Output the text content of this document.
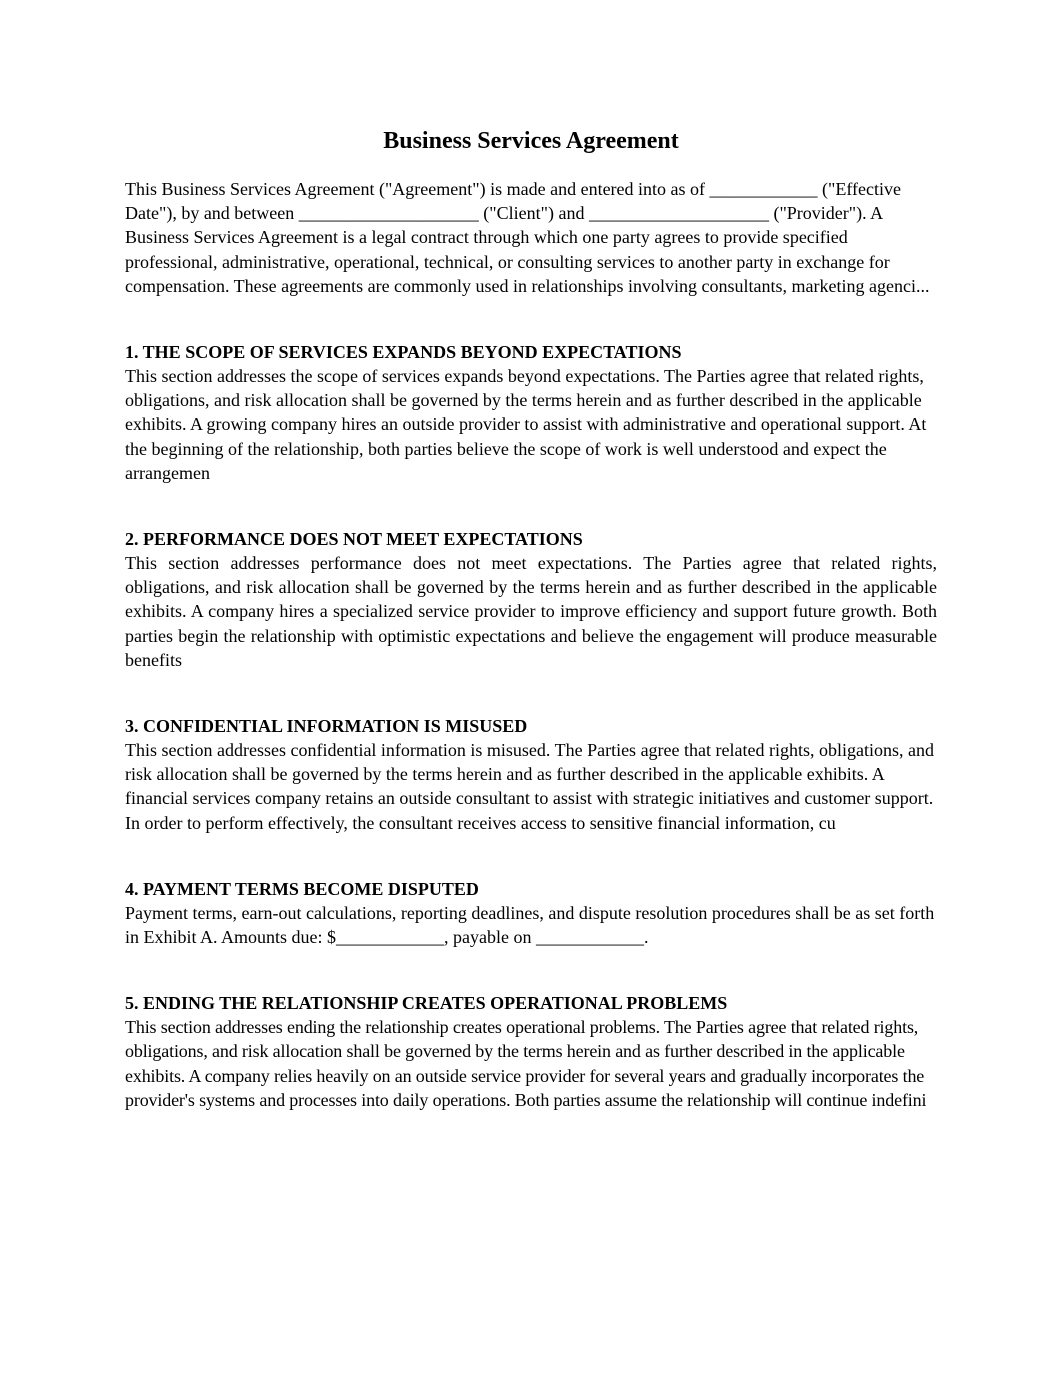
Business Services Agreement

This Business Services Agreement ("Agreement") is made and entered into as of ____________ ("Effective Date"), by and between ____________________ ("Client") and ____________________ ("Provider"). A Business Services Agreement is a legal contract through which one party agrees to provide specified professional, administrative, operational, technical, or consulting services to another party in exchange for compensation. These agreements are commonly used in relationships involving consultants, marketing agenci...

1. THE SCOPE OF SERVICES EXPANDS BEYOND EXPECTATIONS

This section addresses the scope of services expands beyond expectations. The Parties agree that related rights, obligations, and risk allocation shall be governed by the terms herein and as further described in the applicable exhibits. A growing company hires an outside provider to assist with administrative and operational support. At the beginning of the relationship, both parties believe the scope of work is well understood and expect the arrangemen

2. PERFORMANCE DOES NOT MEET EXPECTATIONS

This section addresses performance does not meet expectations. The Parties agree that related rights, obligations, and risk allocation shall be governed by the terms herein and as further described in the applicable exhibits. A company hires a specialized service provider to improve efficiency and support future growth. Both parties begin the relationship with optimistic expectations and believe the engagement will produce measurable benefits

3. CONFIDENTIAL INFORMATION IS MISUSED

This section addresses confidential information is misused. The Parties agree that related rights, obligations, and risk allocation shall be governed by the terms herein and as further described in the applicable exhibits. A financial services company retains an outside consultant to assist with strategic initiatives and customer support. In order to perform effectively, the consultant receives access to sensitive financial information, cu

4. PAYMENT TERMS BECOME DISPUTED

Payment terms, earn-out calculations, reporting deadlines, and dispute resolution procedures shall be as set forth in Exhibit A. Amounts due: $____________, payable on ____________.

5. ENDING THE RELATIONSHIP CREATES OPERATIONAL PROBLEMS

This section addresses ending the relationship creates operational problems. The Parties agree that related rights, obligations, and risk allocation shall be governed by the terms herein and as further described in the applicable exhibits. A company relies heavily on an outside service provider for several years and gradually incorporates the provider's systems and processes into daily operations. Both parties assume the relationship will continue indefini
